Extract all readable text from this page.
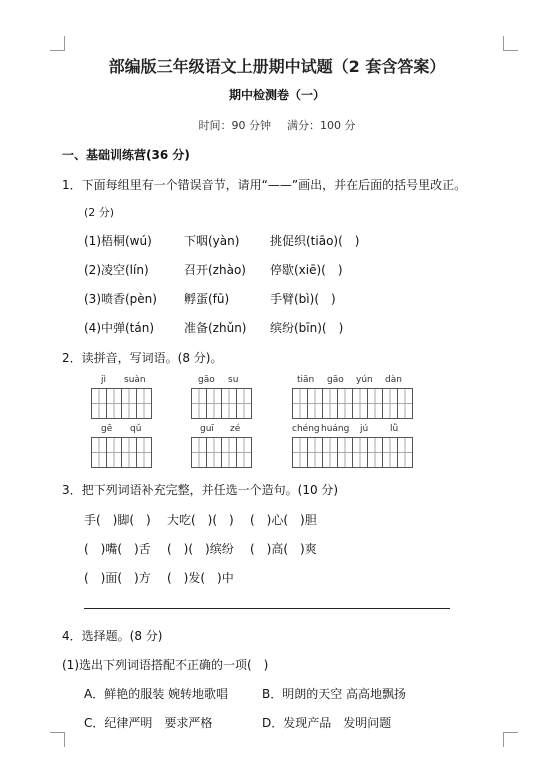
部编版三年级语文上册期中试题（2 套含答案）
期中检测卷（一）
时间：90 分钟 满分：100 分
一、基础训练营(36 分)
1．下面每组里有一个错误音节，请用“——”画出，并在后面的括号里改正。
(2 分)
(1)梧桐(wú)	下咽(yàn)	挑促织(tiāo)(　)
(2)凌空(lín)	召开(zhào) 停歇(xiē)(　)
(3)喷香(pèn) 孵蛋(fū)	手臂(bì)(　)
(4)中弹(tán) 准备(zhǔn) 缤纷(bīn)(　)
2．读拼音，写词语。(8 分)。
jì suàn	gāo su	tiān gāo yún dàn
gē qǔ	guī zé	chéng huáng jú lǜ
3．把下列词语补充完整，并任选一个造句。(10 分)
手(　)脚(　) 大吃(　)(　) (　)心(　)胆
(　)嘴(　)舌 (　)(　)缤纷 (　)高(　)爽
(　)面(　)方 (　)发(　)中
4．选择题。(8 分)
(1)选出下列词语搭配不正确的一项(　)
A．鲜艳的服装 婉转地歌唱	B．明朗的天空 高高地飘扬
C．纪律严明　要求严格	D．发现产品　发明问题
